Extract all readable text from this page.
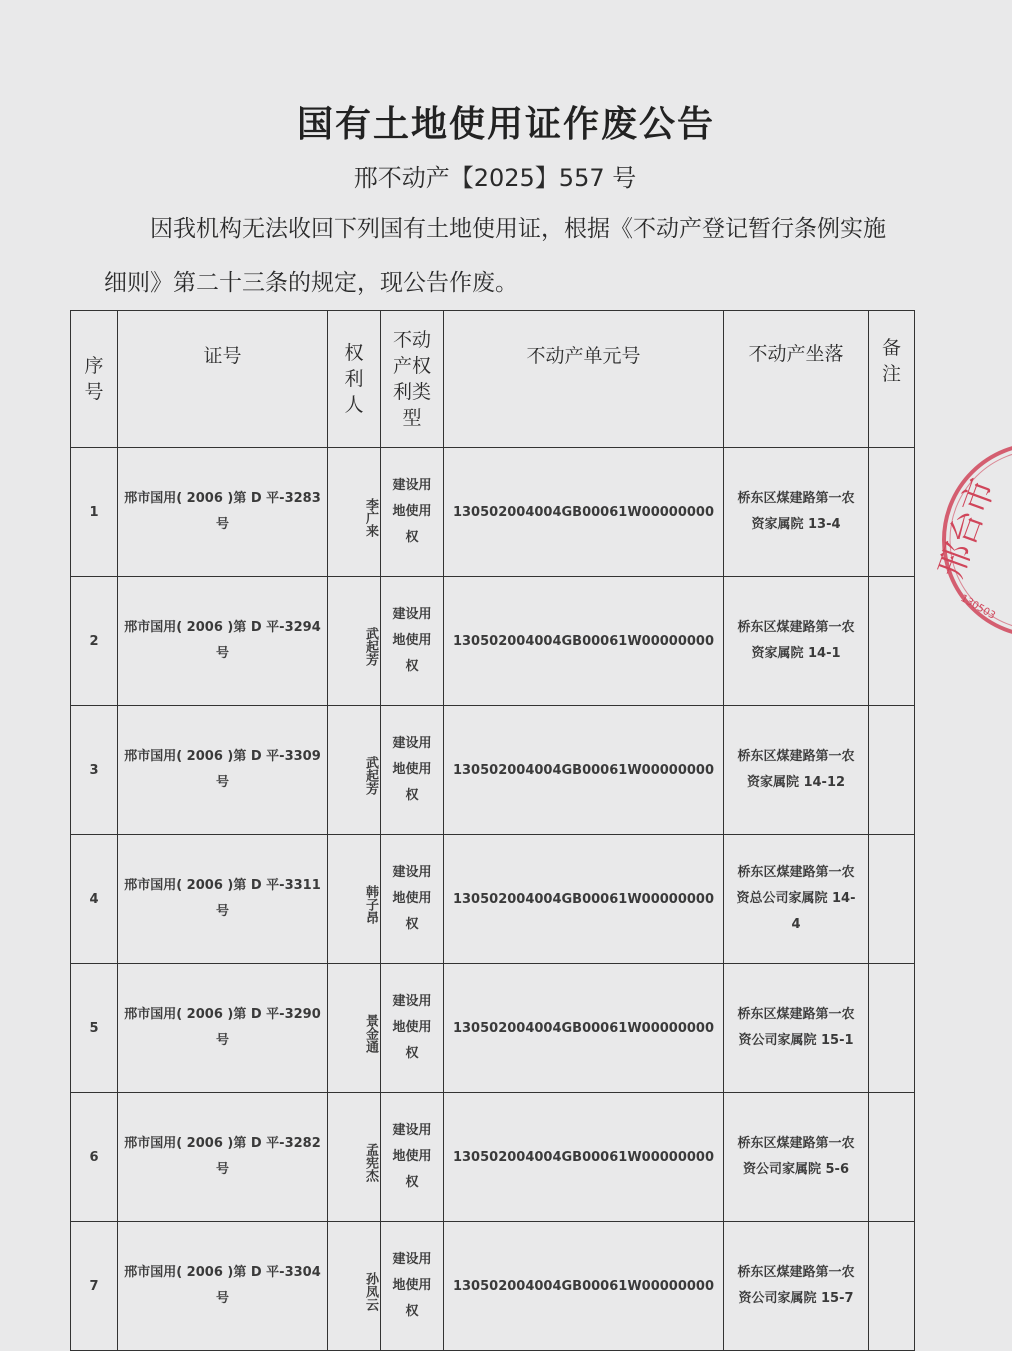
国有土地使用证作废公告
邢不动产【2025】557 号
因我机构无法收回下列国有土地使用证，根据《不动产登记暂行条例实施细则》第二十三条的规定，现公告作废。
序号	证号	权利人	不动产权利类型	不动产单元号	不动产坐落	备注
1	邢市国用( 2006 )第 D 平-3283 号	李广来	建设用地使用权	130502004004GB00061W00000000	桥东区煤建路第一农资家属院 13-4	
2	邢市国用( 2006 )第 D 平-3294 号	武起芳	建设用地使用权	130502004004GB00061W00000000	桥东区煤建路第一农资家属院 14-1	
3	邢市国用( 2006 )第 D 平-3309 号	武起芳	建设用地使用权	130502004004GB00061W00000000	桥东区煤建路第一农资家属院 14-12	
4	邢市国用( 2006 )第 D 平-3311 号	韩子昂	建设用地使用权	130502004004GB00061W00000000	桥东区煤建路第一农资总公司家属院 14-4	
5	邢市国用( 2006 )第 D 平-3290 号	景金通	建设用地使用权	130502004004GB00061W00000000	桥东区煤建路第一农资公司家属院 15-1	
6	邢市国用( 2006 )第 D 平-3282 号	孟宪杰	建设用地使用权	130502004004GB00061W00000000	桥东区煤建路第一农资公司家属院 5-6	
7	邢市国用( 2006 )第 D 平-3304 号	孙凤云	建设用地使用权	130502004004GB00061W00000000	桥东区煤建路第一农资公司家属院 15-7	
邢台市
130503
